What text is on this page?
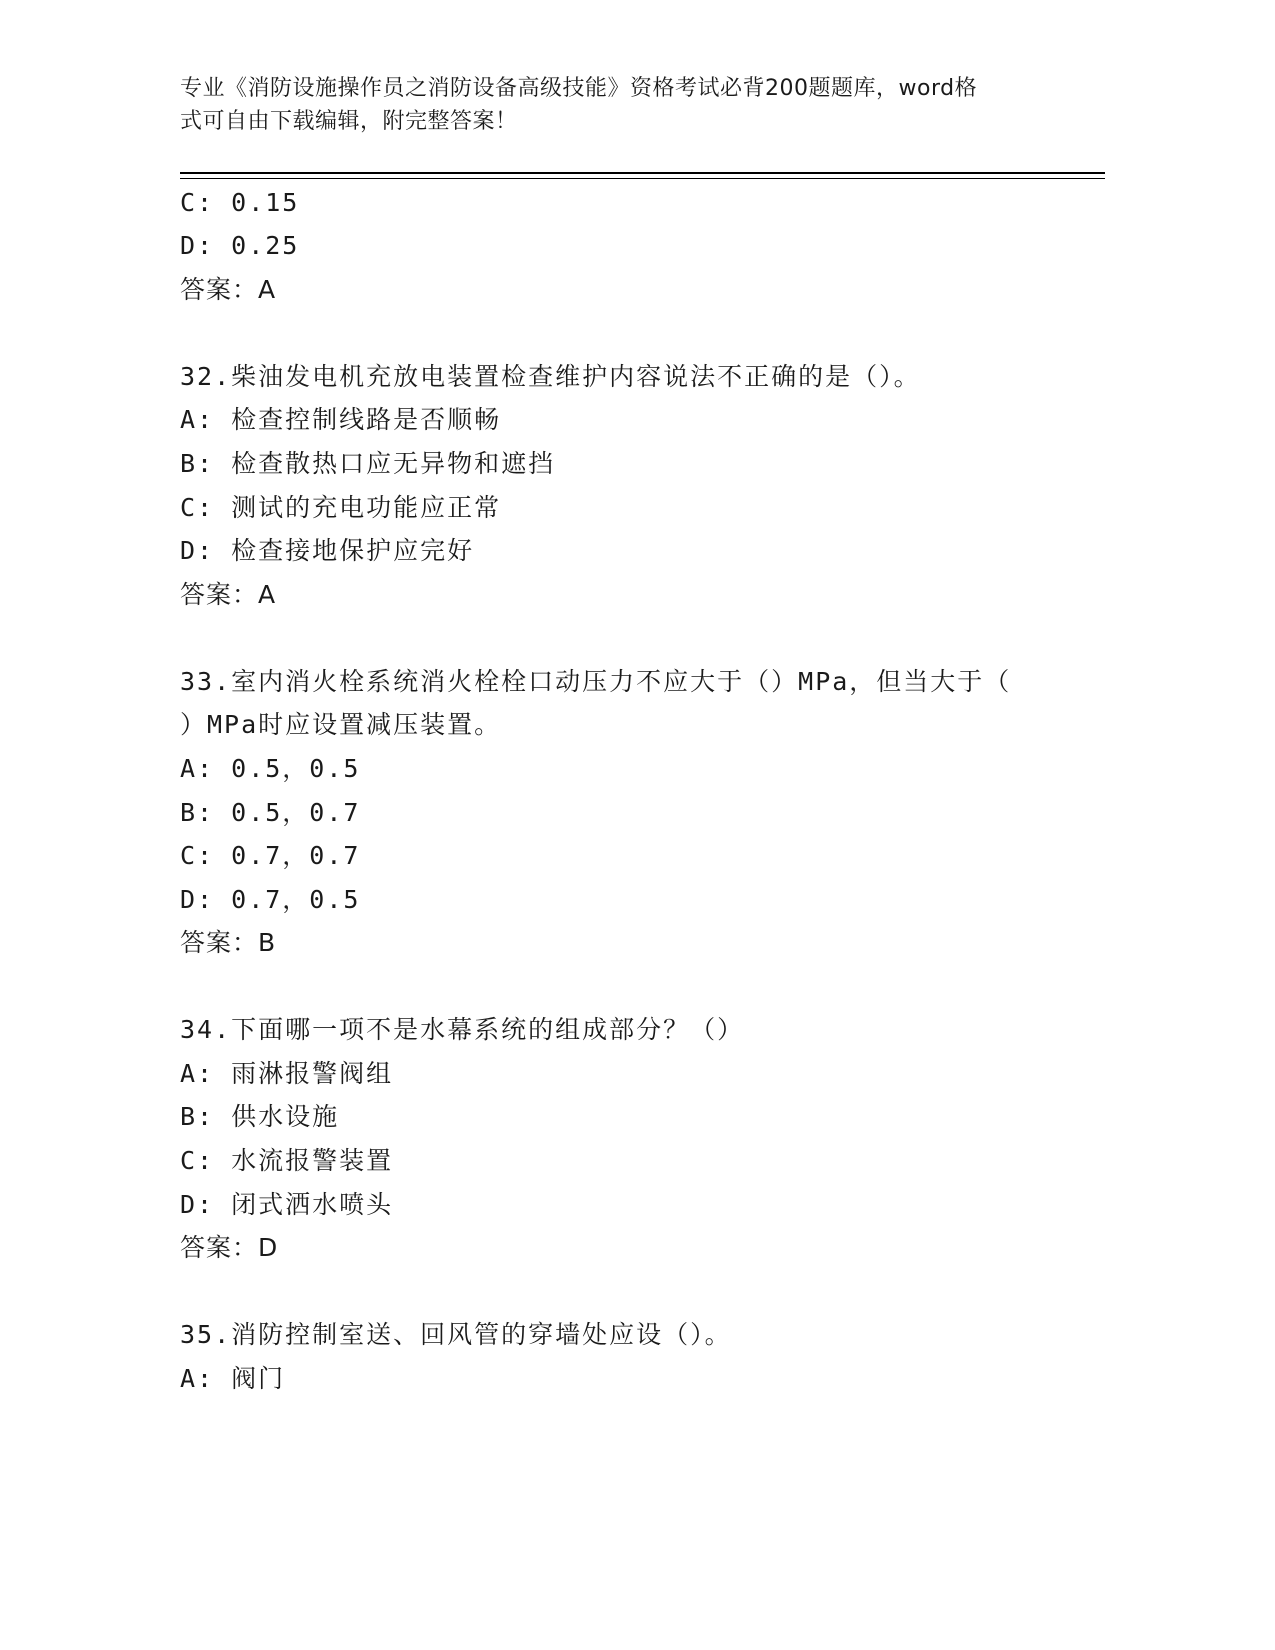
专业《消防设施操作员之消防设备高级技能》资格考试必背200题题库，word格
式可自由下载编辑，附完整答案！
C: 0.15
D: 0.25
答案：A
32.柴油发电机充放电装置检查维护内容说法不正确的是（）。
A: 检查控制线路是否顺畅
B: 检查散热口应无异物和遮挡
C: 测试的充电功能应正常
D: 检查接地保护应完好
答案：A
33.室内消火栓系统消火栓栓口动压力不应大于（）MPa，但当大于（
）MPa时应设置减压装置。
A: 0.5，0.5
B: 0.5，0.7
C: 0.7，0.7
D: 0.7，0.5
答案：B
34.下面哪一项不是水幕系统的组成部分？（）
A: 雨淋报警阀组
B: 供水设施
C: 水流报警装置
D: 闭式洒水喷头
答案：D
35.消防控制室送、回风管的穿墙处应设（）。
A: 阀门
